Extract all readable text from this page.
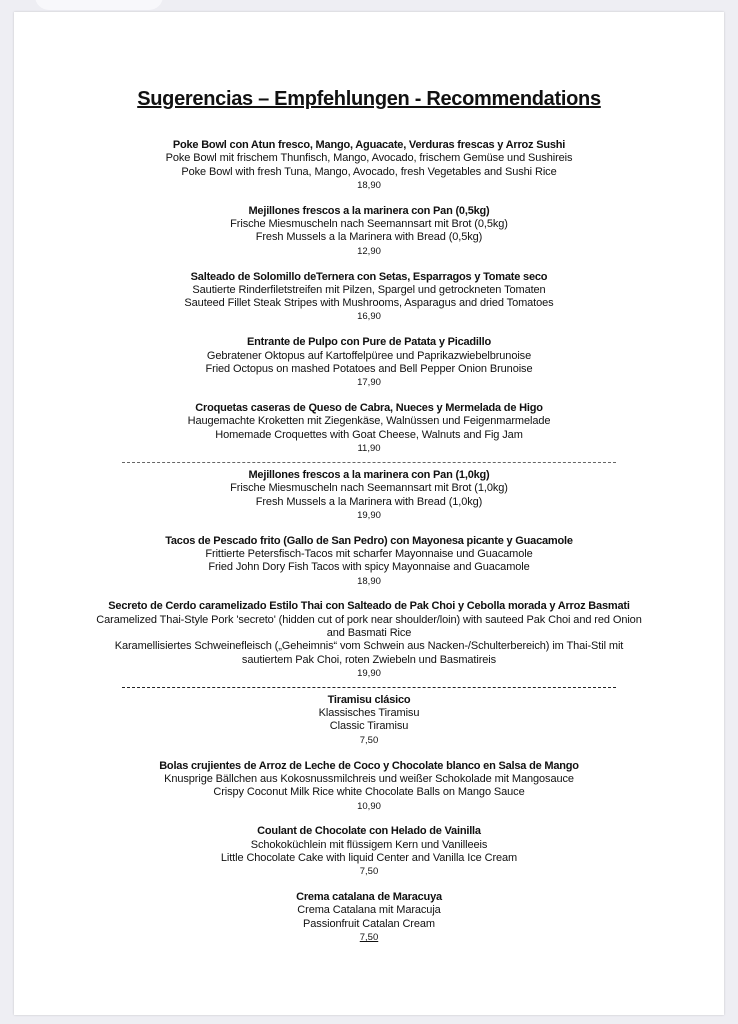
Sugerencias – Empfehlungen - Recommendations
Poke Bowl con Atun fresco, Mango, Aguacate, Verduras frescas y Arroz Sushi
Poke Bowl mit frischem Thunfisch, Mango, Avocado, frischem Gemüse und Sushireis
Poke Bowl with fresh Tuna, Mango, Avocado, fresh Vegetables and Sushi Rice
18,90
Mejillones frescos a la marinera con Pan (0,5kg)
Frische Miesmuscheln nach Seemannsart mit Brot (0,5kg)
Fresh Mussels a la Marinera with Bread (0,5kg)
12,90
Salteado de Solomillo deTernera con Setas, Esparragos y Tomate seco
Sautierte Rinderfiletstreifen mit Pilzen, Spargel und getrockneten Tomaten
Sauteed Fillet Steak Stripes with Mushrooms, Asparagus and dried Tomatoes
16,90
Entrante de Pulpo con Pure de Patata y Picadillo
Gebratener Oktopus auf Kartoffelpüree und Paprikazwiebelbrunoise
Fried Octopus on mashed Potatoes and Bell Pepper Onion Brunoise
17,90
Croquetas caseras de Queso de Cabra, Nueces y Mermelada de Higo
Haugemachte Kroketten mit Ziegenkäse, Walnüssen und Feigenmarmelade
Homemade Croquettes with Goat Cheese, Walnuts and Fig Jam
11,90
Mejillones frescos a la marinera con Pan (1,0kg)
Frische Miesmuscheln nach Seemannsart mit Brot (1,0kg)
Fresh Mussels a la Marinera with Bread (1,0kg)
19,90
Tacos de Pescado frito (Gallo de San Pedro) con Mayonesa picante y Guacamole
Frittierte Petersfisch-Tacos mit scharfer Mayonnaise und Guacamole
Fried John Dory Fish Tacos with spicy Mayonnaise and Guacamole
18,90
Secreto de Cerdo caramelizado Estilo Thai con Salteado de Pak Choi y Cebolla morada y Arroz Basmati
Caramelized Thai-Style Pork 'secreto' (hidden cut of pork near shoulder/loin) with sauteed Pak Choi and red Onion and Basmati Rice
Karamellisiertes Schweinefleisch („Geheimnis“ vom Schwein aus Nacken-/Schulterbereich) im Thai-Stil mit sautiertem Pak Choi, roten Zwiebeln und Basmatireis
19,90
Tiramisu clásico
Klassisches Tiramisu
Classic Tiramisu
7,50
Bolas crujientes de Arroz de Leche de Coco y Chocolate blanco en Salsa de Mango
Knusprige Bällchen aus Kokosnussmilchreis und weißer Schokolade mit Mangosauce
Crispy Coconut Milk Rice white Chocolate Balls on Mango Sauce
10,90
Coulant de Chocolate con Helado de Vainilla
Schokoküchlein mit flüssigem Kern und Vanilleeis
Little Chocolate Cake with liquid Center and Vanilla Ice Cream
7,50
Crema catalana de Maracuya
Crema Catalana mit Maracuja
Passionfruit Catalan Cream
7,50
